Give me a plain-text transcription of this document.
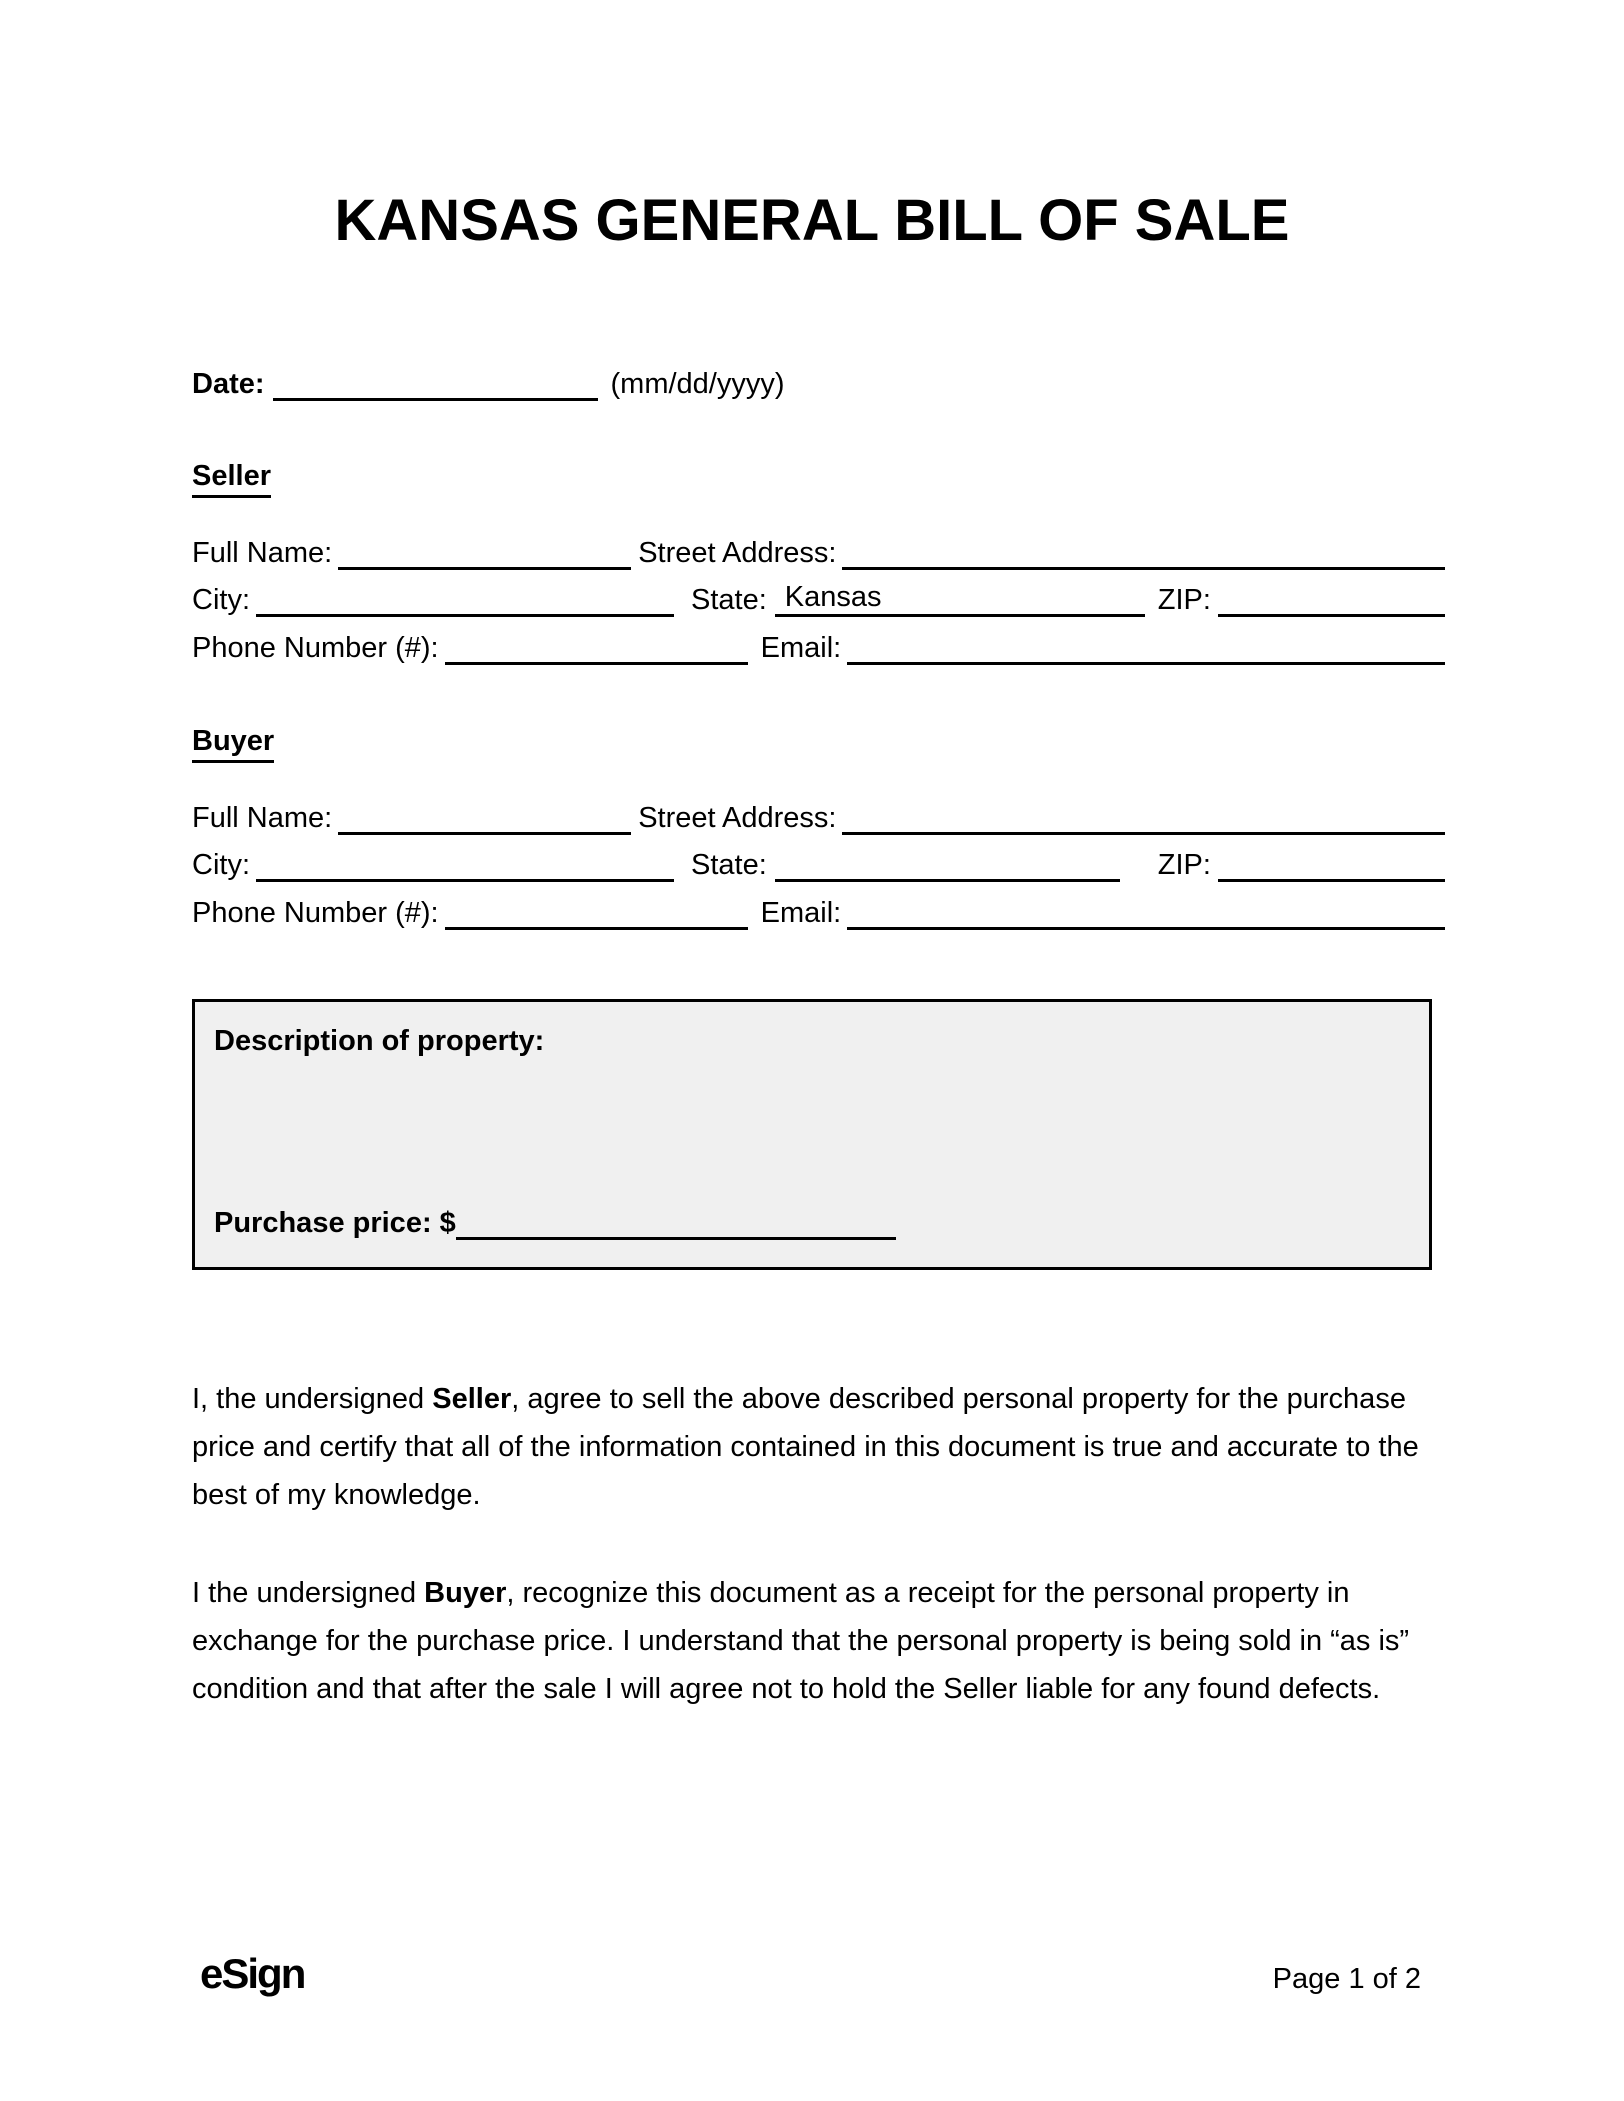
KANSAS GENERAL BILL OF SALE
Date:	(mm/dd/yyyy)
Seller
Full Name:	Street Address:
City:	State: Kansas	ZIP:
Phone Number (#):	Email:
Buyer
Full Name:	Street Address:
City:	State:	ZIP:
Phone Number (#):	Email:
Description of property:
Purchase price: $
I, the undersigned Seller, agree to sell the above described personal property for the purchase price and certify that all of the information contained in this document is true and accurate to the best of my knowledge.
I the undersigned Buyer, recognize this document as a receipt for the personal property in exchange for the purchase price. I understand that the personal property is being sold in “as is” condition and that after the sale I will agree not to hold the Seller liable for any found defects.
eSign	Page 1 of 2
